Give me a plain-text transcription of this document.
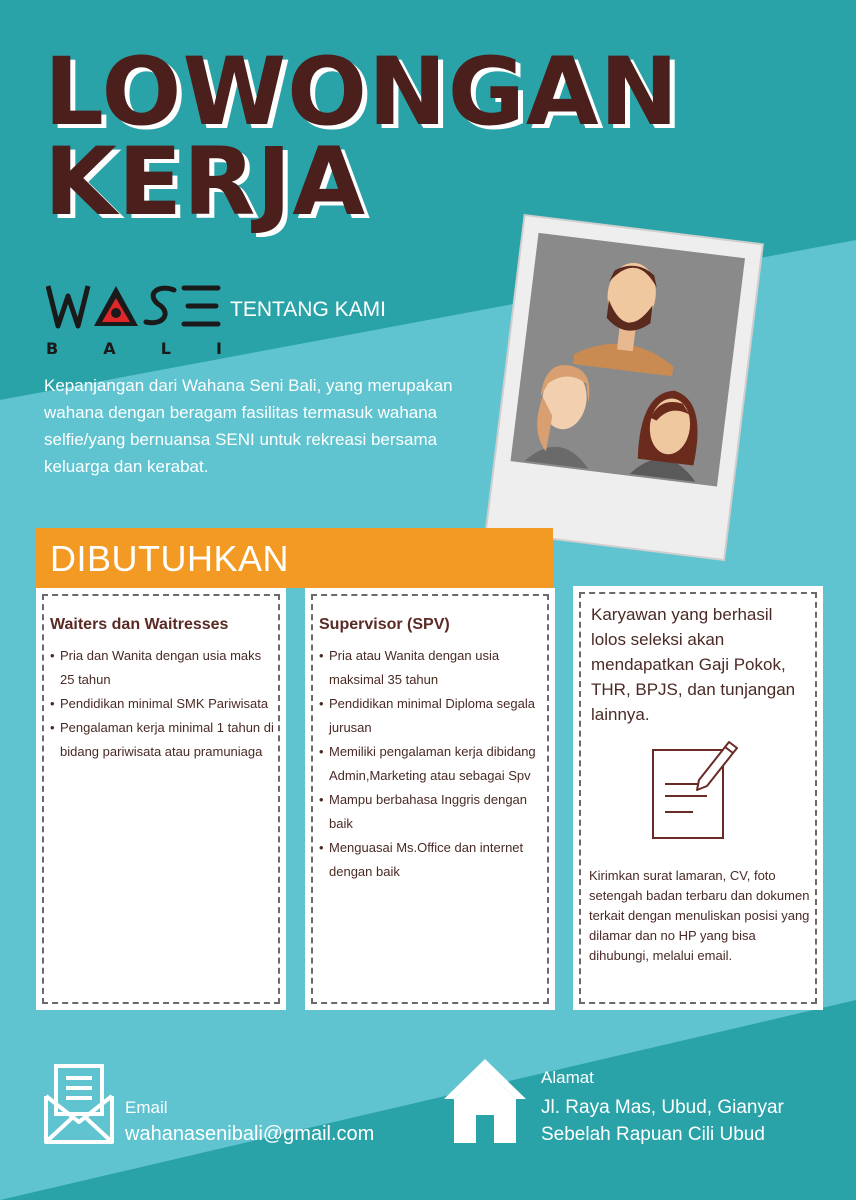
LOWONGAN
KERJA
BALI
TENTANG KAMI
Kepanjangan dari Wahana Seni Bali, yang merupakan wahana dengan beragam fasilitas termasuk wahana selfie/yang bernuansa SENI untuk rekreasi bersama keluarga dan kerabat.
DIBUTUHKAN
Waiters dan Waitresses
• Pria dan Wanita dengan usia maks 25 tahun
• Pendidikan minimal SMK Pariwisata
• Pengalaman kerja minimal 1 tahun di bidang pariwisata atau pramuniaga
Supervisor (SPV)
• Pria atau Wanita dengan usia maksimal 35 tahun
• Pendidikan minimal Diploma segala jurusan
• Memiliki pengalaman kerja dibidang Admin,Marketing atau sebagai Spv
• Mampu berbahasa Inggris dengan baik
• Menguasai Ms.Office dan internet dengan baik
Karyawan yang berhasil lolos seleksi akan mendapatkan Gaji Pokok, THR, BPJS, dan tunjangan lainnya.
Kirimkan surat lamaran, CV, foto setengah badan terbaru dan dokumen terkait dengan menuliskan posisi yang dilamar dan no HP yang bisa dihubungi, melalui email.
Email
wahanasenibali@gmail.com
Alamat
Jl. Raya Mas, Ubud, Gianyar
Sebelah Rapuan Cili Ubud
